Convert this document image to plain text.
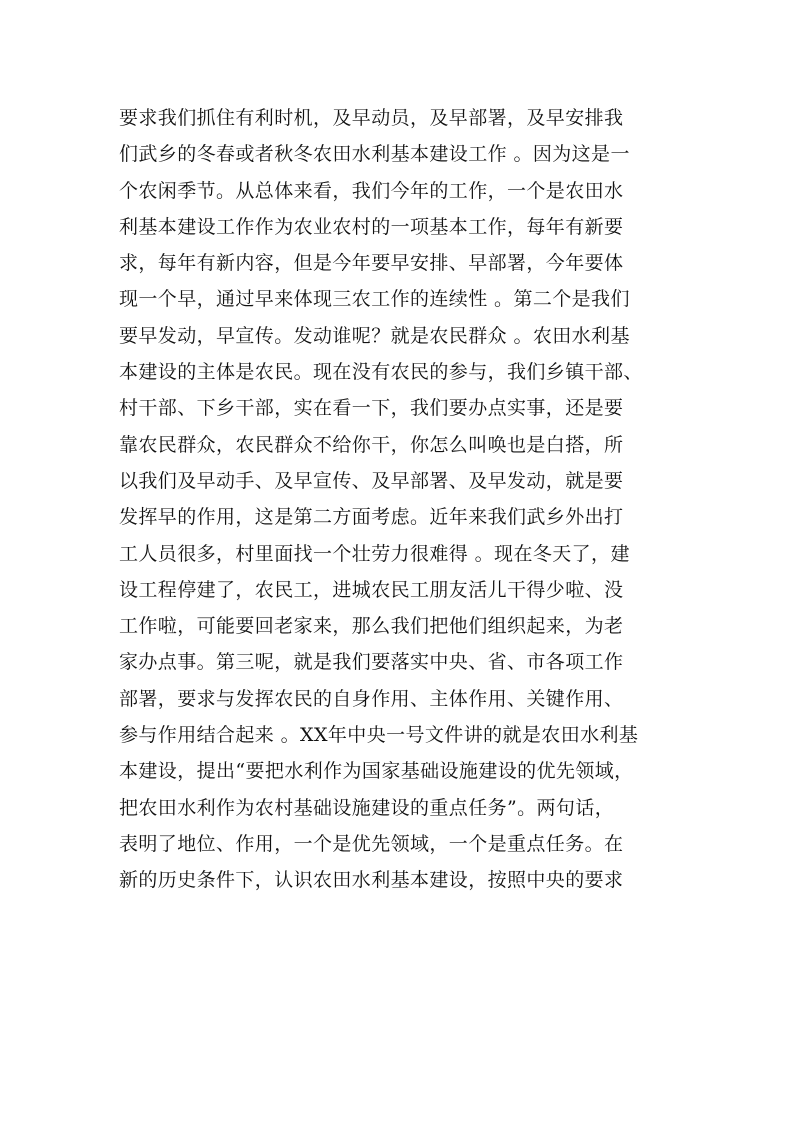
要求我们抓住有利时机，及早动员，及早部署，及早安排我
们武乡的冬春或者秋冬农田水利基本建设工作 。因为这是一
个农闲季节。从总体来看，我们今年的工作，一个是农田水
利基本建设工作作为农业农村的一项基本工作，每年有新要
求，每年有新内容，但是今年要早安排、早部署，今年要体
现一个早，通过早来体现三农工作的连续性 。第二个是我们
要早发动，早宣传。发动谁呢？就是农民群众 。农田水利基
本建设的主体是农民。现在没有农民的参与，我们乡镇干部、
村干部、下乡干部，实在看一下，我们要办点实事，还是要
靠农民群众，农民群众不给你干，你怎么叫唤也是白搭，所
以我们及早动手、及早宣传、及早部署、及早发动，就是要
发挥早的作用，这是第二方面考虑。近年来我们武乡外出打
工人员很多，村里面找一个壮劳力很难得 。现在冬天了，建
设工程停建了，农民工，进城农民工朋友活儿干得少啦、没
工作啦，可能要回老家来，那么我们把他们组织起来，为老
家办点事。第三呢，就是我们要落实中央、省、市各项工作
部署，要求与发挥农民的自身作用、主体作用、关键作用、
参与作用结合起来 。XX年中央一号文件讲的就是农田水利基
本建设，提出“要把水利作为国家基础设施建设的优先领域，
把农田水利作为农村基础设施建设的重点任务”。两句话，
表明了地位、作用，一个是优先领域，一个是重点任务。在
新的历史条件下，认识农田水利基本建设，按照中央的要求
